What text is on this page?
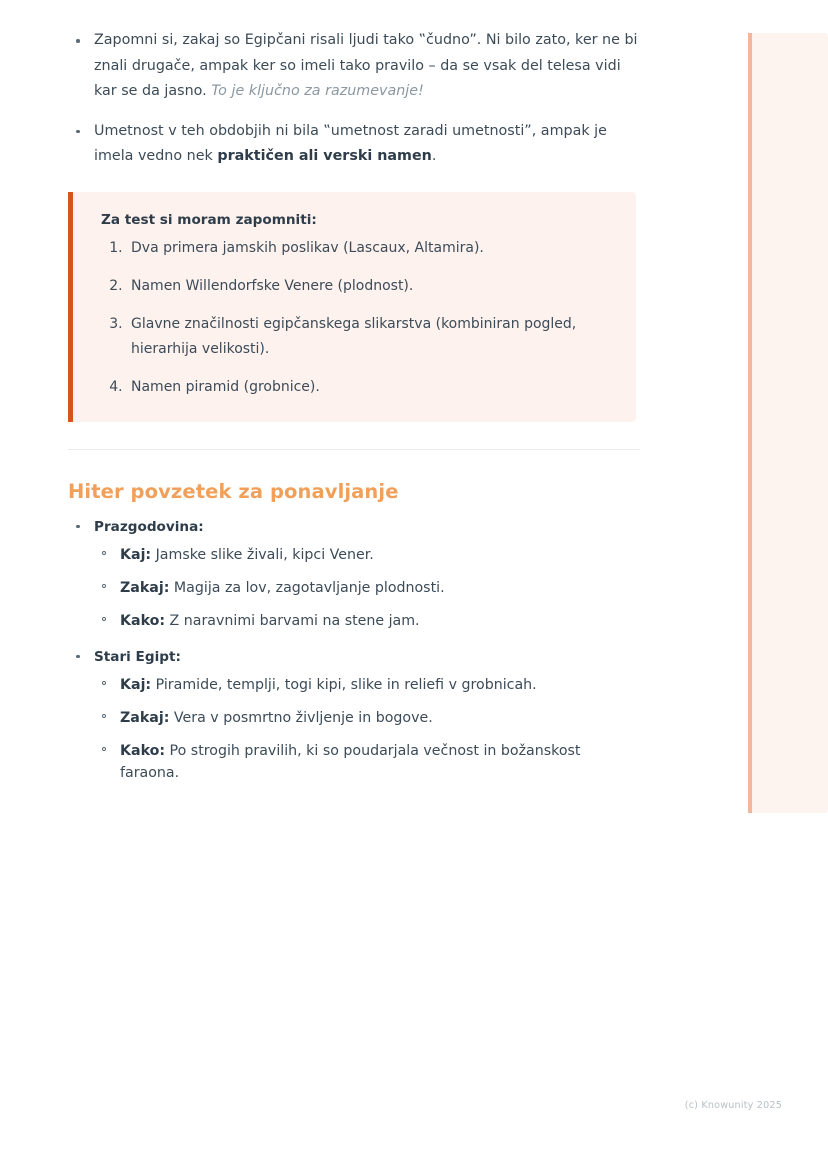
Zapomni si, zakaj so Egipčani risali ljudi tako ‟čudno”. Ni bilo zato, ker ne bi znali drugače, ampak ker so imeli tako pravilo – da se vsak del telesa vidi kar se da jasno. To je ključno za razumevanje!
Umetnost v teh obdobjih ni bila ‟umetnost zaradi umetnosti”, ampak je imela vedno nek praktičen ali verski namen.
Za test si moram zapomniti:
1. Dva primera jamskih poslikav (Lascaux, Altamira).
2. Namen Willendorfske Venere (plodnost).
3. Glavne značilnosti egipčanskega slikarstva (kombiniran pogled, hierarhija velikosti).
4. Namen piramid (grobnice).
Hiter povzetek za ponavljanje
Prazgodovina:
Kaj: Jamske slike živali, kipci Vener.
Zakaj: Magija za lov, zagotavljanje plodnosti.
Kako: Z naravnimi barvami na stene jam.
Stari Egipt:
Kaj: Piramide, templji, togi kipi, slike in reliefi v grobnicah.
Zakaj: Vera v posmrtno življenje in bogove.
Kako: Po strogih pravilih, ki so poudarjala večnost in božanskost faraona.
(c) Knowunity 2025
